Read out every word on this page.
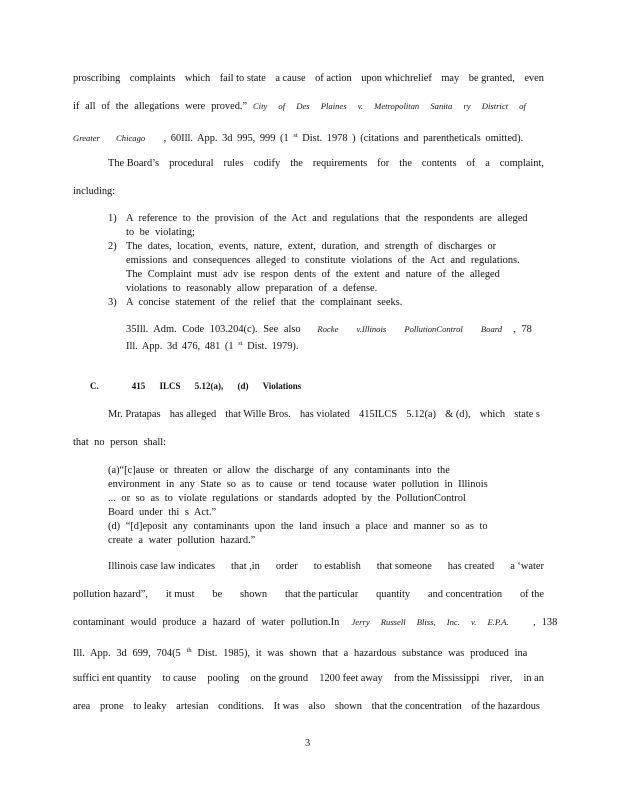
proscribing complaints which fail to state a cause of action upon whichrelief may be granted, even
if all of the allegations were proved.” City of Des Plaines v. Metropolitan Sanita ry District of
Greater Chicago , 60Ill. App. 3d 995, 999 (1 $^{st}$ Dist. 1978 ) (citations and parentheticals omitted).
The Board’s procedural rules codify the requirements for the contents of a complaint,
including:
1) A reference to the provision of the Act and regulations that the respondents are alleged
to be violating;
2) The dates, location, events, nature, extent, duration, and strength of discharges or
emissions and consequences alleged to constitute violations of the Act and regulations.
The Complaint must adv ise respon dents of the extent and nature of the alleged
violations to reasonably allow preparation of a defense.
3) A concise statement of the relief that the complainant seeks.
35Ill. Adm. Code 103.204(c). See also Rocke v.Illinois PollutionControl Board , 78
Ill. App. 3d 476, 481 (1 $^{st}$ Dist. 1979).
C.	415 ILCS 5.12(a), (d) Violations
Mr. Pratapas has alleged that Wille Bros. has violated 415ILCS 5.12(a) & (d), which state s
that no person shall:
(a)“[c]ause or threaten or allow the discharge of any contaminants into the
environment in any State so as to cause or tend tocause water pollution in Illinois
... or so as to violate regulations or standards adopted by the PollutionControl
Board under thi s Act.”
(d) “[d]eposit any contaminants upon the land insuch a place and manner so as to
create a water pollution hazard.”
Illinois case law indicates that ,in order to establish that someone has created a ‘water
pollution hazard”, it must be shown that the particular quantity and concentration of the
contaminant would produce a hazard of water pollution.In Jerry Russell Bliss, Inc. v. E.P.A. , 138
Ill. App. 3d 699, 704(5 $^{th}$ Dist. 1985), it was shown that a hazardous substance was produced ina
suffici ent quantity to cause pooling on the ground 1200 feet away from the Mississippi river, in an
area prone to leaky artesian conditions. It was also shown that the concentration of the hazardous
3
